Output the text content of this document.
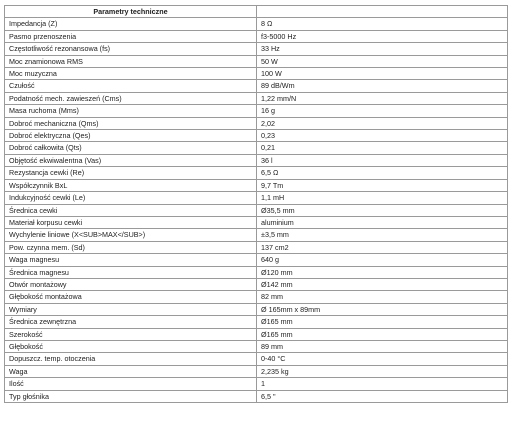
Parametry techniczne	
Impedancja (Z)	8 Ω
Pasmo przenoszenia	f3-5000 Hz
Częstotliwość rezonansowa (fs)	33 Hz
Moc znamionowa RMS	50 W
Moc muzyczna	100 W
Czułość	89 dB/Wm
Podatność mech. zawieszeń (Cms)	1,22 mm/N
Masa ruchoma (Mms)	16 g
Dobroć mechaniczna (Qms)	2,02
Dobroć elektryczna (Qes)	0,23
Dobroć całkowita (Qts)	0,21
Objętość ekwiwalentna (Vas)	36 l
Rezystancja cewki (Re)	6,5 Ω
Współczynnik BxL	9,7 Tm
Indukcyjność cewki (Le)	1,1 mH
Średnica cewki	Ø35,5 mm
Materiał korpusu cewki	aluminium
Wychylenie liniowe (X<SUB>MAX</SUB>)	±3,5 mm
Pow. czynna mem. (Sd)	137 cm2
Waga magnesu	640 g
Średnica magnesu	Ø120 mm
Otwór montażowy	Ø142 mm
Głębokość montażowa	82 mm
Wymiary	Ø 165mm x 89mm
Średnica zewnętrzna	Ø165 mm
Szerokość	Ø165 mm
Głębokość	89 mm
Dopuszcz. temp. otoczenia	0-40 °C
Waga	2,235 kg
Ilość	1
Typ głośnika	6,5 "
